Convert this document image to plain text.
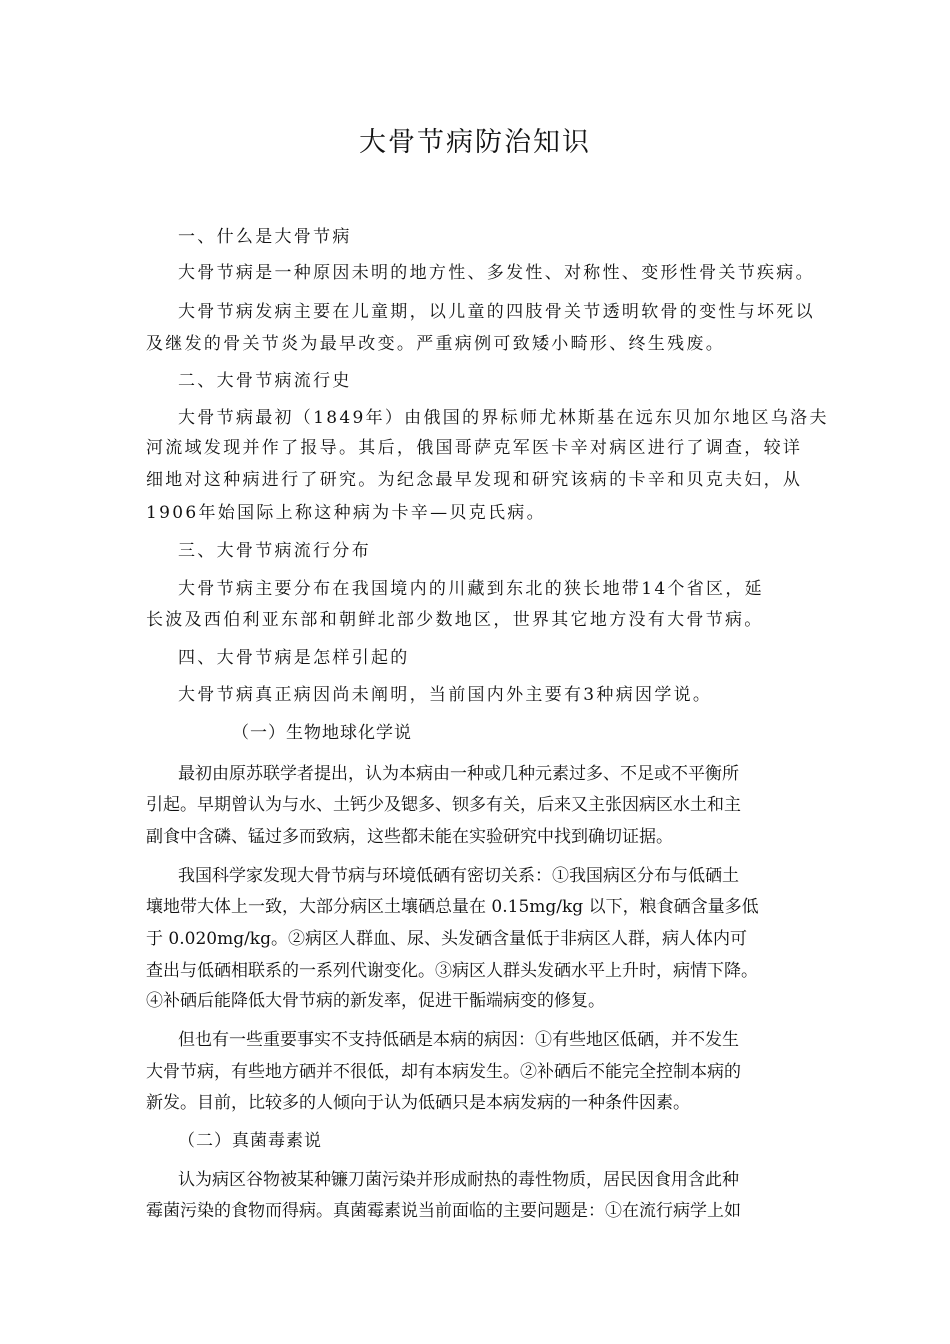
大骨节病防治知识
一、什么是大骨节病
大骨节病是一种原因未明的地方性、多发性、对称性、变形性骨关节疾病。
大骨节病发病主要在儿童期，以儿童的四肢骨关节透明软骨的变性与坏死以
及继发的骨关节炎为最早改变。严重病例可致矮小畸形、终生残废。
二、大骨节病流行史
大骨节病最初（1849年）由俄国的界标师尤林斯基在远东贝加尔地区乌洛夫
河流域发现并作了报导。其后，俄国哥萨克军医卡辛对病区进行了调查，较详
细地对这种病进行了研究。为纪念最早发现和研究该病的卡辛和贝克夫妇，从
1906年始国际上称这种病为卡辛—贝克氏病。
三、大骨节病流行分布
大骨节病主要分布在我国境内的川藏到东北的狭长地带14个省区，延
长波及西伯利亚东部和朝鲜北部少数地区，世界其它地方没有大骨节病。
四、大骨节病是怎样引起的
大骨节病真正病因尚未阐明，当前国内外主要有3种病因学说。
（一）生物地球化学说
最初由原苏联学者提出，认为本病由一种或几种元素过多、不足或不平衡所
引起。早期曾认为与水、土钙少及锶多、钡多有关，后来又主张因病区水土和主
副食中含磷、锰过多而致病，这些都未能在实验研究中找到确切证据。
我国科学家发现大骨节病与环境低硒有密切关系：①我国病区分布与低硒土
壤地带大体上一致，大部分病区土壤硒总量在 0.15mg/kg 以下，粮食硒含量多低
于 0.020mg/kg。②病区人群血、尿、头发硒含量低于非病区人群，病人体内可
查出与低硒相联系的一系列代谢变化。③病区人群头发硒水平上升时，病情下降。
④补硒后能降低大骨节病的新发率，促进干骺端病变的修复。
但也有一些重要事实不支持低硒是本病的病因：①有些地区低硒，并不发生
大骨节病，有些地方硒并不很低，却有本病发生。②补硒后不能完全控制本病的
新发。目前，比较多的人倾向于认为低硒只是本病发病的一种条件因素。
（二）真菌毒素说
认为病区谷物被某种镰刀菌污染并形成耐热的毒性物质，居民因食用含此种
霉菌污染的食物而得病。真菌霉素说当前面临的主要问题是：①在流行病学上如
